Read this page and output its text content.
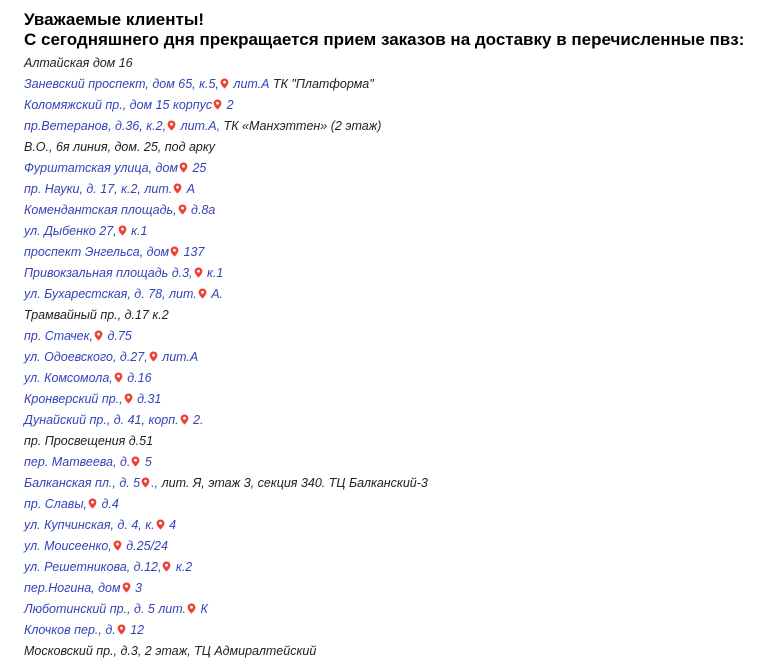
Уважаемые клиенты!
С сегодняшнего дня прекращается прием заказов на доставку в перечисленные пвз:
Алтайская дом 16
Заневский проспект, дом 65, к.5,
лит.А ТК "Платформа"
Коломяжский пр., дом 15 корпус
2
пр.Ветеранов, д.36, к.2,
лит.А, ТК «Манхэттен» (2 этаж)
В.О., 6я линия, дом. 25, под арку
Фурштатская улица, дом
25
пр. Науки, д. 17, к.2, лит.
А
Комендантская площадь,
д.8а
ул. Дыбенко 27,
к.1
проспект Энгельса, дом
137
Привокзальная площадь д.3,
к.1
ул. Бухарестская, д. 78, лит.
А.
Трамвайный пр., д.17 к.2
пр. Стачек,
д.75
ул. Одоевского, д.27,
лит.А
ул. Комсомола,
д.16
Кронверский пр.,
д.31
Дунайский пр., д. 41, корп.
2.
пр. Просвещения д.51
пер. Матвеева, д.
5
Балканская пл., д. 5 ., лит. Я, этаж 3, секция 340. ТЦ Балканский-3
пр. Славы,
д.4
ул. Купчинская, д. 4, к.
4
ул. Моисеенко,
д.25/24
ул. Решетникова, д.12,
к.2
пер.Ногина, дом
3
Люботинский пр., д. 5 лит.
К
Клочков пер., д.
12
Московский пр., д.3, 2 этаж, ТЦ Адмиралтейский
